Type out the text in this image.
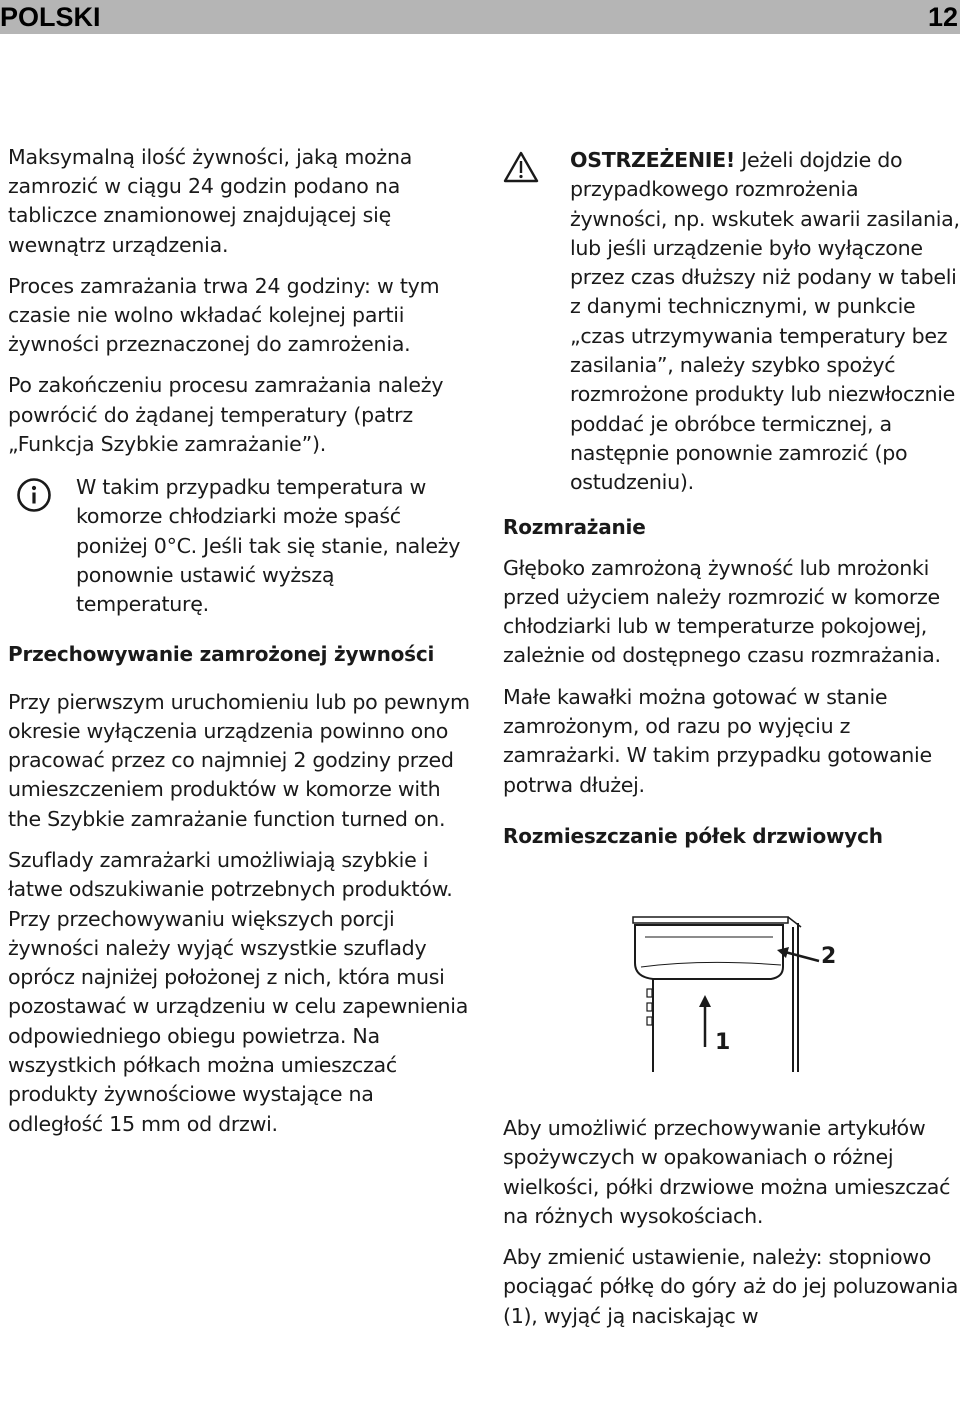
POLSKI	12

Maksymalną ilość żywności, jaką można zamrozić w ciągu 24 godzin podano na tabliczce znamionowej znajdującej się wewnątrz urządzenia.

Proces zamrażania trwa 24 godziny: w tym czasie nie wolno wkładać kolejnej partii żywności przeznaczonej do zamrożenia.

Po zakończeniu procesu zamrażania należy powrócić do żądanej temperatury (patrz „Funkcja Szybkie zamrażanie”).

W takim przypadku temperatura w komorze chłodziarki może spaść poniżej 0°C. Jeśli tak się stanie, należy ponownie ustawić wyższą temperaturę.

Przechowywanie zamrożonej żywności

Przy pierwszym uruchomieniu lub po pewnym okresie wyłączenia urządzenia powinno ono pracować przez co najmniej 2 godziny przed umieszczeniem produktów w komorze with the Szybkie zamrażanie function turned on.

Szuflady zamrażarki umożliwiają szybkie i łatwe odszukiwanie potrzebnych produktów. Przy przechowywaniu większych porcji żywności należy wyjąć wszystkie szuflady oprócz najniżej położonej z nich, która musi pozostawać w urządzeniu w celu zapewnienia odpowiedniego obiegu powietrza. Na wszystkich półkach można umieszczać produkty żywnościowe wystające na odległość 15 mm od drzwi.

OSTRZEŻENIE! Jeżeli dojdzie do przypadkowego rozmrożenia żywności, np. wskutek awarii zasilania, lub jeśli urządzenie było wyłączone przez czas dłuższy niż podany w tabeli z danymi technicznymi, w punkcie „czas utrzymywania temperatury bez zasilania”, należy szybko spożyć rozmrożone produkty lub niezwłocznie poddać je obróbce termicznej, a następnie ponownie zamrozić (po ostudzeniu).

Rozmrażanie

Głęboko zamrożoną żywność lub mrożonki przed użyciem należy rozmrozić w komorze chłodziarki lub w temperaturze pokojowej, zależnie od dostępnego czasu rozmrażania.

Małe kawałki można gotować w stanie zamrożonym, od razu po wyjęciu z zamrażarki. W takim przypadku gotowanie potrwa dłużej.

Rozmieszczanie półek drzwiowych

1
2

Aby umożliwić przechowywanie artykułów spożywczych w opakowaniach o różnej wielkości, półki drzwiowe można umieszczać na różnych wysokościach.

Aby zmienić ustawienie, należy: stopniowo pociągać półkę do góry aż do jej poluzowania (1), wyjąć ją naciskając w
